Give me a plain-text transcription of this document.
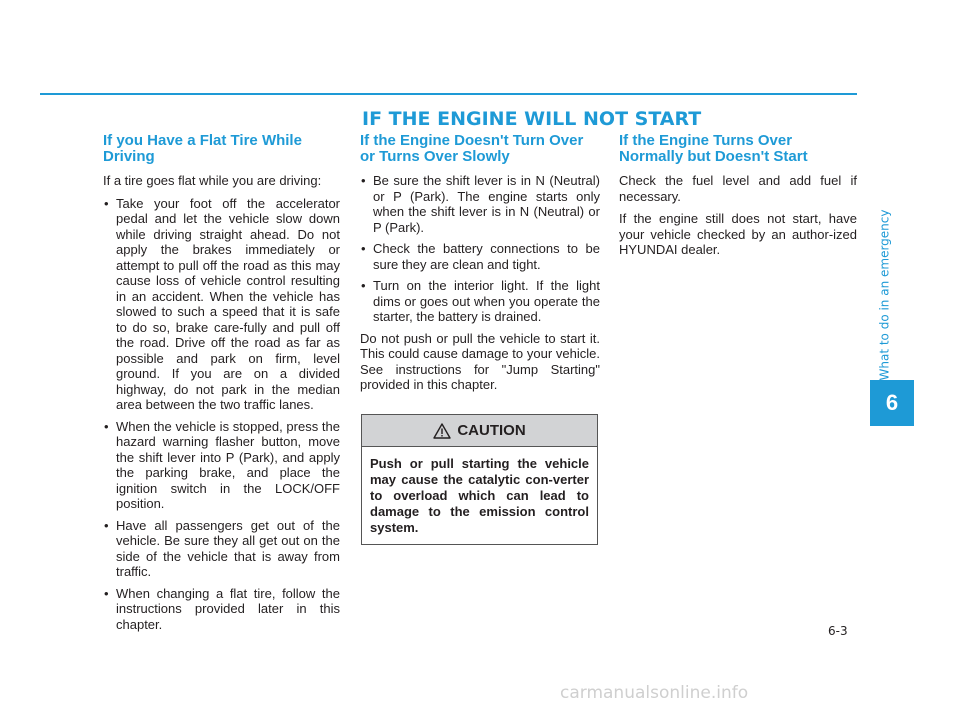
IF THE ENGINE WILL NOT START
If you Have a Flat Tire While Driving

If a tire goes flat while you are driving:

• Take your foot off the accelerator pedal and let the vehicle slow down while driving straight ahead. Do not apply the brakes immediately or attempt to pull off the road as this may cause loss of vehicle control resulting in an accident. When the vehicle has slowed to such a speed that it is safe to do so, brake care-fully and pull off the road. Drive off the road as far as possible and park on firm, level ground. If you are on a divided highway, do not park in the median area between the two traffic lanes.
• When the vehicle is stopped, press the hazard warning flasher button, move the shift lever into P (Park), and apply the parking brake, and place the ignition switch in the LOCK/OFF position.
• Have all passengers get out of the vehicle. Be sure they all get out on the side of the vehicle that is away from traffic.
• When changing a flat tire, follow the instructions provided later in this chapter.
If the Engine Doesn't Turn Over or Turns Over Slowly
• Be sure the shift lever is in N (Neutral) or P (Park). The engine starts only when the shift lever is in N (Neutral) or P (Park).
• Check the battery connections to be sure they are clean and tight.
• Turn on the interior light. If the light dims or goes out when you operate the starter, the battery is drained.

Do not push or pull the vehicle to start it. This could cause damage to your vehicle. See instructions for "Jump Starting" provided in this chapter.

CAUTION

Push or pull starting the vehicle may cause the catalytic con-verter to overload which can lead to damage to the emission control system.

If the Engine Turns Over Normally but Doesn't Start

Check the fuel level and add fuel if necessary.

If the engine still does not start, have your vehicle checked by an author-ized HYUNDAI dealer.	What to do in an emergency
6
6-3
carmanualsonline.info
